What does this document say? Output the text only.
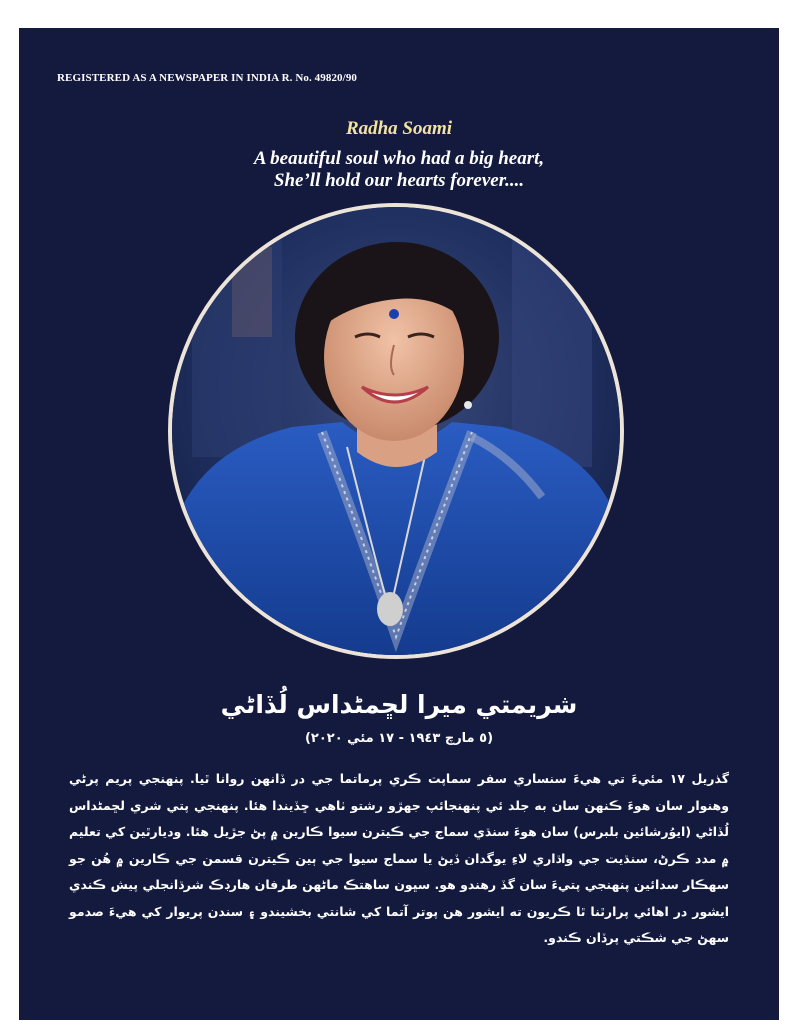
REGISTERED AS A NEWSPAPER IN INDIA R. No. 49820/90
Radha Soami
A beautiful soul who had a big heart,
She’ll hold our hearts forever....
شريمتي ميرا لڇمڻداس لُڏاڻي
(٥ مارچ ١٩٤٣ - ١٧ مئي ٢٠٢٠)
گذريل ١٧ مئيءَ تي هيءَ سنساري سفر سماپت ڪري پرماتما جي در ڏانهن روانا ٿيا. پنهنجي پريم پرڻي وهنوار سان هوءَ ڪنهن سان به جلد ئي پنهنجائپ جهڙو رشتو ٺاهي ڇڏيندا هئا. پنهنجي پتي شري لڇمڻداس لُڏاڻي (ايوُرشائين بلبرس) سان هوءَ سنڌي سماج جي ڪيترن سيوا ڪارين ۾ پڻ جڙيل هئا. وديارٿين کي تعليم ۾ مدد ڪرڻ، سنڌيت جي واڌاري لاءِ يوگدان ڏيڻ يا سماج سيوا جي ٻين ڪيترن قسمن جي ڪارين ۾ هُن جو سهڪار سدائين پنهنجي پتيءَ سان گڏ رهندو هو. سڀون ساهتڪ ماڻهن طرفان هارڊڪ شرڌانجلي پيش ڪندي ايشور در اهائي پرارٿنا ٿا ڪريون ته ايشور هن پوتر آتما کي شانتي بخشيندو ۽ سندن پريوار کي هيءَ صدمو سهڻ جي شڪتي پرڏان ڪندو.
